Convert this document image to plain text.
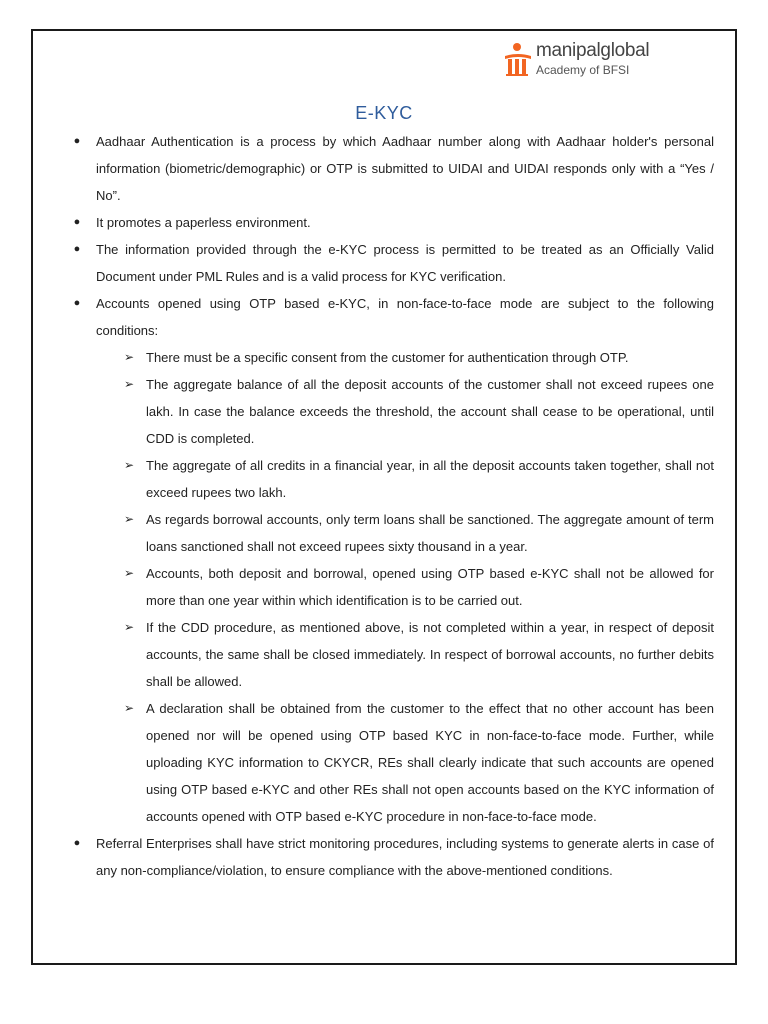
manipalglobal
Academy of BFSI
E-KYC
● Aadhaar Authentication is a process by which Aadhaar number along with Aadhaar holder's personal information (biometric/demographic) or OTP is submitted to UIDAI and UIDAI responds only with a “Yes / No”.
● It promotes a paperless environment.
● The information provided through the e-KYC process is permitted to be treated as an Officially Valid Document under PML Rules and is a valid process for KYC verification.
● Accounts opened using OTP based e-KYC, in non-face-to-face mode are subject to the following conditions:
➢ There must be a specific consent from the customer for authentication through OTP.
➢ The aggregate balance of all the deposit accounts of the customer shall not exceed rupees one lakh. In case the balance exceeds the threshold, the account shall cease to be operational, until CDD is completed.
➢ The aggregate of all credits in a financial year, in all the deposit accounts taken together, shall not exceed rupees two lakh.
➢ As regards borrowal accounts, only term loans shall be sanctioned. The aggregate amount of term loans sanctioned shall not exceed rupees sixty thousand in a year.
➢ Accounts, both deposit and borrowal, opened using OTP based e-KYC shall not be allowed for more than one year within which identification is to be carried out.
➢ If the CDD procedure, as mentioned above, is not completed within a year, in respect of deposit accounts, the same shall be closed immediately. In respect of borrowal accounts, no further debits shall be allowed.
➢ A declaration shall be obtained from the customer to the effect that no other account has been opened nor will be opened using OTP based KYC in non-face-to-face mode. Further, while uploading KYC information to CKYCR, REs shall clearly indicate that such accounts are opened using OTP based e-KYC and other REs shall not open accounts based on the KYC information of accounts opened with OTP based e-KYC procedure in non-face-to-face mode.
● Referral Enterprises shall have strict monitoring procedures, including systems to generate alerts in case of any non-compliance/violation, to ensure compliance with the above-mentioned conditions.
